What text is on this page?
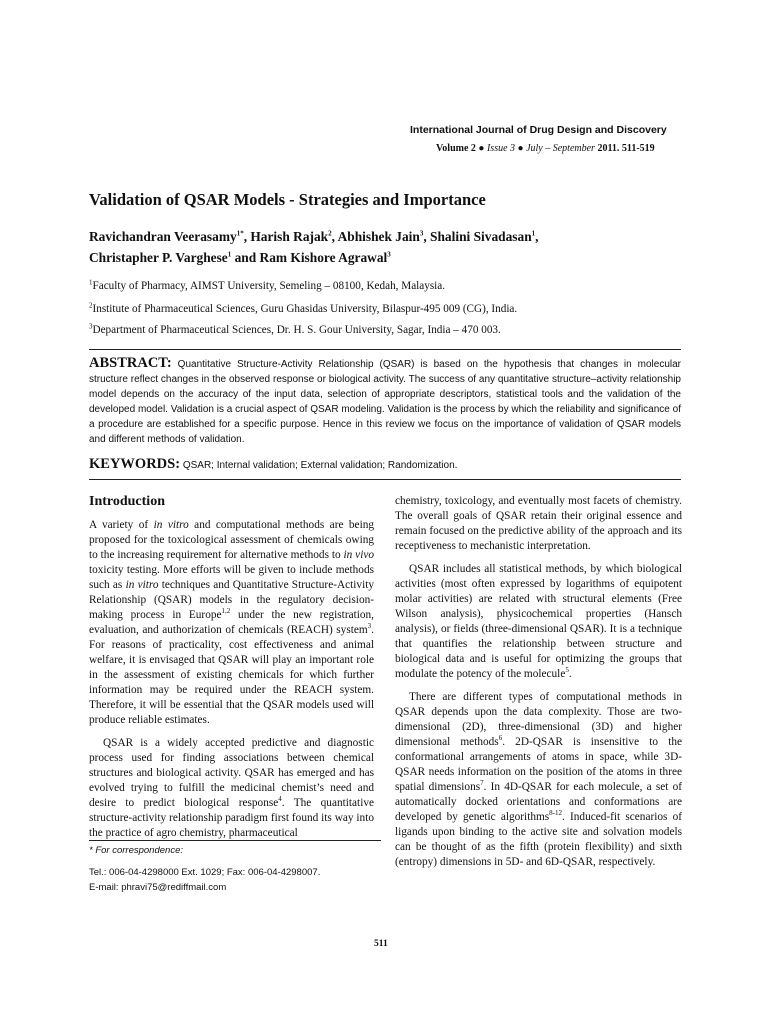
International Journal of Drug Design and Discovery
Volume 2 ● Issue 3 ● July – September 2011. 511-519
Validation of QSAR Models - Strategies and Importance
Ravichandran Veerasamy$^{1*}$, Harish Rajak$^2$, Abhishek Jain$^3$, Shalini Sivadasan$^1$,
Christapher P. Varghese$^1$ and Ram Kishore Agrawal$^3$
$^1$Faculty of Pharmacy, AIMST University, Semeling – 08100, Kedah, Malaysia.
$^2$Institute of Pharmaceutical Sciences, Guru Ghasidas University, Bilaspur-495 009 (CG), India.
$^3$Department of Pharmaceutical Sciences, Dr. H. S. Gour University, Sagar, India – 470 003.
ABSTRACT: Quantitative Structure-Activity Relationship (QSAR) is based on the hypothesis that changes in molecular structure reflect changes in the observed response or biological activity. The success of any quantitative structure–activity relationship model depends on the accuracy of the input data, selection of appropriate descriptors, statistical tools and the validation of the developed model. Validation is a crucial aspect of QSAR modeling. Validation is the process by which the reliability and significance of a procedure are established for a specific purpose. Hence in this review we focus on the importance of validation of QSAR models and different methods of validation.
KEYWORDS: QSAR; Internal validation; External validation; Randomization.
Introduction

A variety of in vitro and computational methods are being proposed for the toxicological assessment of chemicals owing to the increasing requirement for alternative methods to in vivo toxicity testing. More efforts will be given to include methods such as in vitro techniques and Quantitative Structure-Activity Relationship (QSAR) models in the regulatory decision-making process in Europe$^{1,2}$ under the new registration, evaluation, and authorization of chemicals (REACH) system$^3$. For reasons of practicality, cost effectiveness and animal welfare, it is envisaged that QSAR will play an important role in the assessment of existing chemicals for which further information may be required under the REACH system. Therefore, it will be essential that the QSAR models used will produce reliable estimates.

QSAR is a widely accepted predictive and diagnostic process used for finding associations between chemical structures and biological activity. QSAR has emerged and has evolved trying to fulfill the medicinal chemist’s need and desire to predict biological response$^4$. The quantitative structure-activity relationship paradigm first found its way into the practice of agro chemistry, pharmaceutical

chemistry, toxicology, and eventually most facets of chemistry. The overall goals of QSAR retain their original essence and remain focused on the predictive ability of the approach and its receptiveness to mechanistic interpretation.

QSAR includes all statistical methods, by which biological activities (most often expressed by logarithms of equipotent molar activities) are related with structural elements (Free Wilson analysis), physicochemical properties (Hansch analysis), or fields (three-dimensional QSAR). It is a technique that quantifies the relationship between structure and biological data and is useful for optimizing the groups that modulate the potency of the molecule$^5$.

There are different types of computational methods in QSAR depends upon the data complexity. Those are two-dimensional (2D), three-dimensional (3D) and higher dimensional methods$^6$. 2D-QSAR is insensitive to the conformational arrangements of atoms in space, while 3D-QSAR needs information on the position of the atoms in three spatial dimensions$^7$. In 4D-QSAR for each molecule, a set of automatically docked orientations and conformations are developed by genetic algorithms$^{8-12}$. Induced-fit scenarios of ligands upon binding to the active site and solvation models can be thought of as the fifth (protein flexibility) and sixth (entropy) dimensions in 5D- and 6D-QSAR, respectively.

* For correspondence:
Tel.: 006-04-4298000 Ext. 1029; Fax: 006-04-4298007.
E-mail: phravi75@rediffmail.com
511
